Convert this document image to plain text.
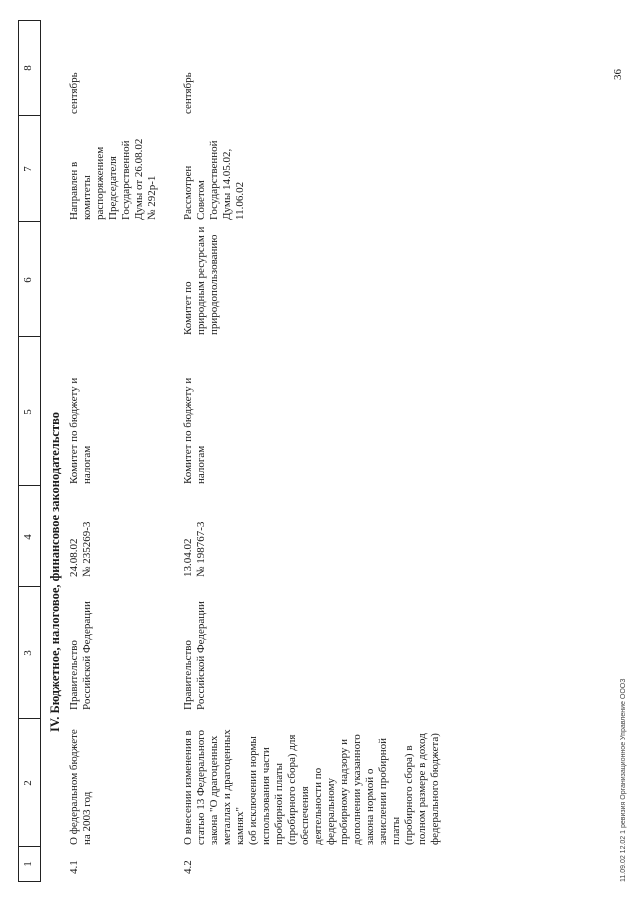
1
2
3
4
5
6
7
8
IV. Бюджетное, налоговое, финансовое законодательство
4.1
О федеральном бюджете
на 2003 год
Правительство
Российской Федерации
24.08.02
№ 235269-3
Комитет по бюджету и
налогам
Направлен в
комитеты
распоряжением
Председателя
Государственной
Думы от 26.08.02
№ 292р-1
сентябрь
4.2
О внесении изменения в
статью 13 Федерального
закона "О драгоценных
металлах и драгоценных
камнях"
(об исключении нормы
использования части
пробирной платы
(пробирного сбора) для
обеспечения
деятельности по
федеральному
пробирному надзору и
дополнении указанного
закона нормой о
зачислении пробирной
платы
(пробирного сбора) в
полном размере в доход
федерального бюджета)
Правительство
Российской Федерации
13.04.02
№ 198767-3
Комитет по бюджету и
налогам
Комитет по
природным ресурсам и
природопользованию
Рассмотрен
Советом
Государственной
Думы 14.05.02,
11.06.02
сентябрь
11.09.02 12.02 1 ревизия Организационное Управление ОООЗ
36
